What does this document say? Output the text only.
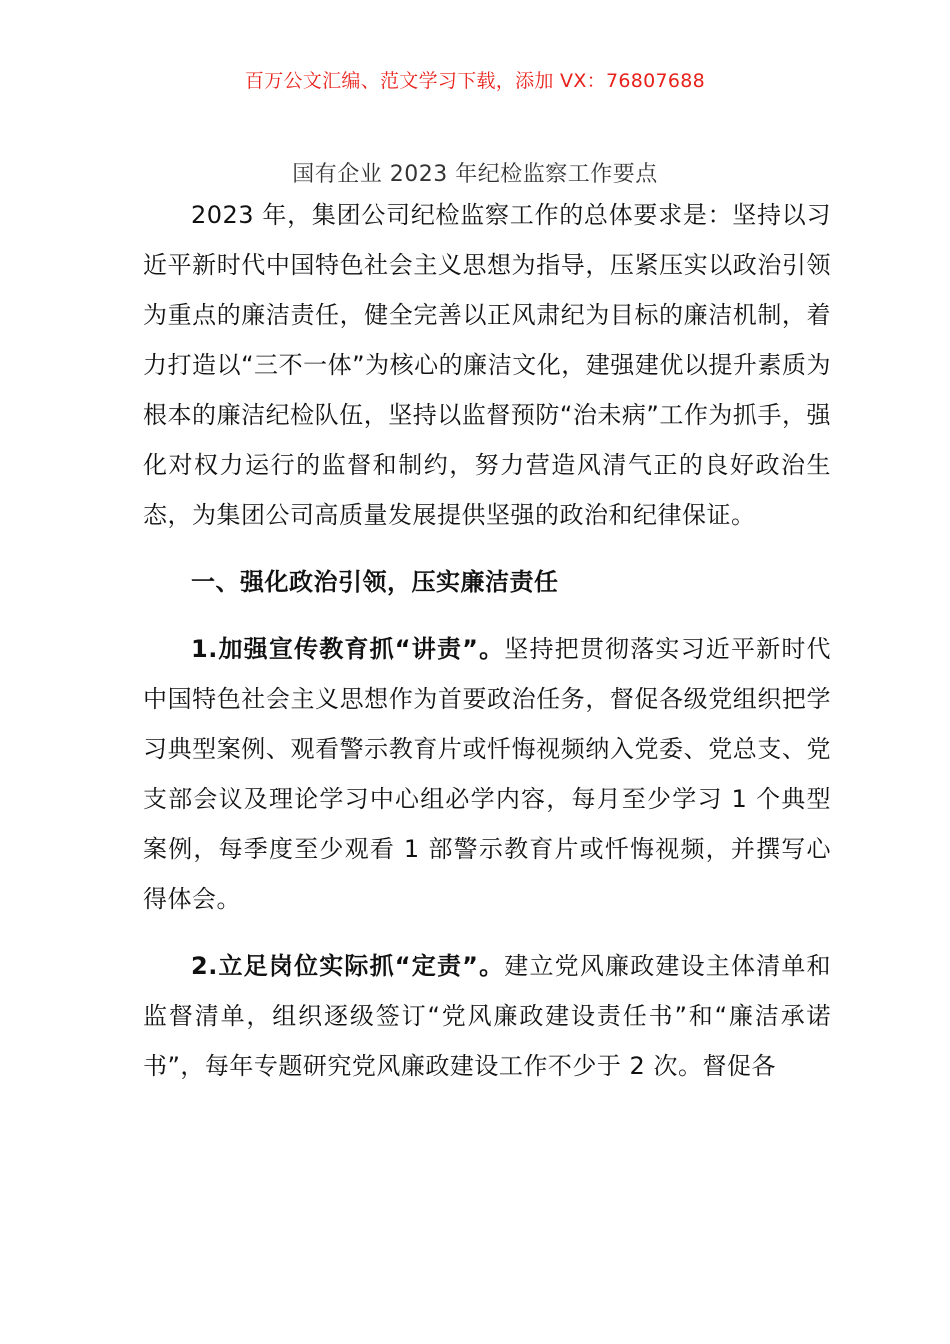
百万公文汇编、范文学习下载，添加 VX：76807688
国有企业 2023 年纪检监察工作要点

2023 年，集团公司纪检监察工作的总体要求是：坚持以习近平新时代中国特色社会主义思想为指导，压紧压实以政治引领为重点的廉洁责任，健全完善以正风肃纪为目标的廉洁机制，着力打造以“三不一体”为核心的廉洁文化，建强建优以提升素质为根本的廉洁纪检队伍，坚持以监督预防“治未病”工作为抓手，强化对权力运行的监督和制约，努力营造风清气正的良好政治生态，为集团公司高质量发展提供坚强的政治和纪律保证。

一、强化政治引领，压实廉洁责任

1.加强宣传教育抓“讲责”。坚持把贯彻落实习近平新时代中国特色社会主义思想作为首要政治任务，督促各级党组织把学习典型案例、观看警示教育片或忏悔视频纳入党委、党总支、党支部会议及理论学习中心组必学内容，每月至少学习 1 个典型案例，每季度至少观看 1 部警示教育片或忏悔视频，并撰写心得体会。

2.立足岗位实际抓“定责”。建立党风廉政建设主体清单和监督清单，组织逐级签订“党风廉政建设责任书”和“廉洁承诺书”，每年专题研究党风廉政建设工作不少于 2 次。督促各
